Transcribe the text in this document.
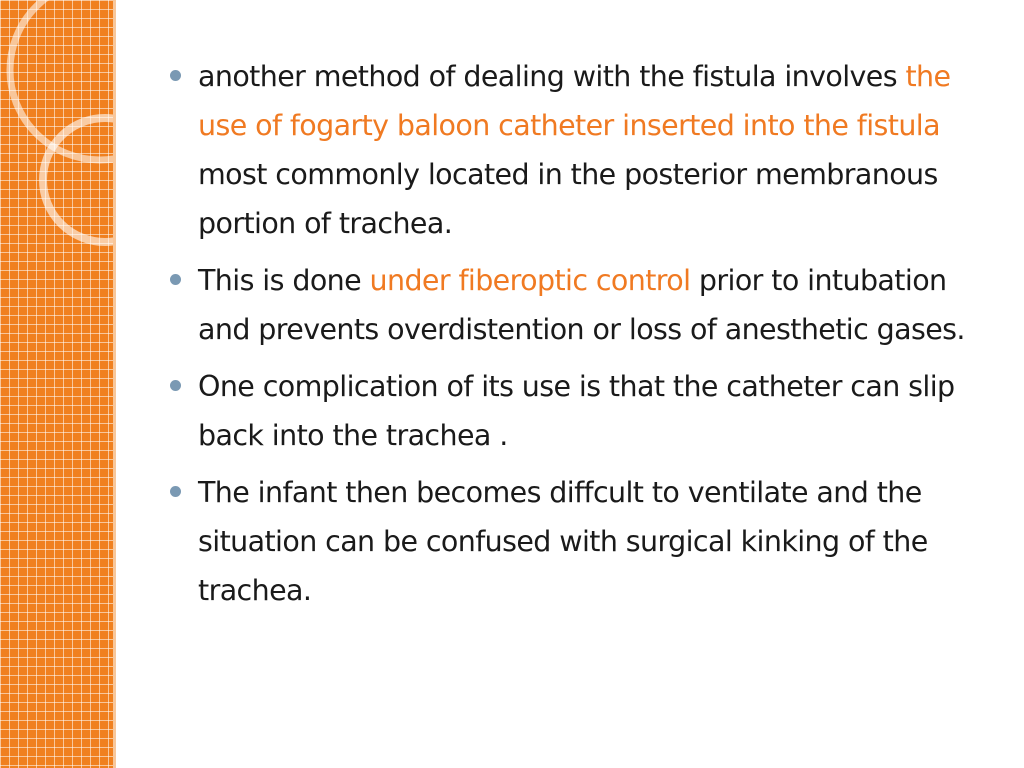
another method of dealing with the fistula involves the use of fogarty baloon catheter inserted into the fistula most commonly located in the posterior membranous portion of trachea.
This is done under fiberoptic control prior to intubation and prevents overdistention or loss of anesthetic gases.
One complication of its use is that the catheter can slip back into the trachea .
The infant then becomes diffcult to ventilate and the situation can be confused with surgical kinking of the trachea.
